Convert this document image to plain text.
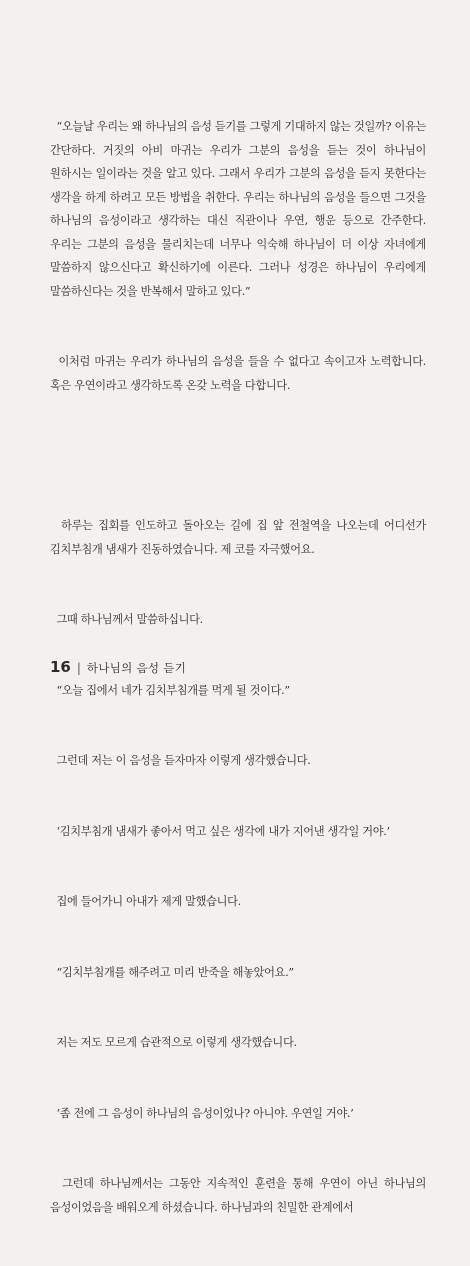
“오늘날 우리는 왜 하나님의 음성 듣기를 그렇게 기대하지 않는 것일까? 이유는 간단하다. 거짓의 아비 마귀는 우리가 그분의 음성을 듣는 것이 하나님이 원하시는 일이라는 것을 알고 있다. 그래서 우리가 그분의 음성을 듣지 못한다는 생각을 하게 하려고 모든 방법을 취한다. 우리는 하나님의 음성을 들으면 그것을 하나님의 음성이라고 생각하는 대신 직관이나 우연, 행운 등으로 간주한다. 우리는 그분의 음성을 물리치는데 너무나 익숙해 하나님이 더 이상 자녀에게 말씀하지 않으신다고 확신하기에 이른다. 그러나 성경은 하나님이 우리에게 말씀하신다는 것을 반복해서 말하고 있다.”

이처럼 마귀는 우리가 하나님의 음성을 들을 수 없다고 속이고자 노력합니다. 혹은 우연이라고 생각하도록 온갖 노력을 다합니다.

하루는 집회를 인도하고 돌아오는 길에 집 앞 전철역을 나오는데 어디선가 김치부침개 냄새가 진동하였습니다. 제 코를 자극했어요.

그때 하나님께서 말씀하십니다.

“오늘 집에서 네가 김치부침개를 먹게 될 것이다.”

그런데 저는 이 음성을 듣자마자 이렇게 생각했습니다.

‘김치부침개 냄새가 좋아서 먹고 싶은 생각에 내가 지어낸 생각일 거야.’

집에 들어가니 아내가 제게 말했습니다.

“김치부침개를 해주려고 미리 반죽을 해놓았어요.”

저는 저도 모르게 습관적으로 이렇게 생각했습니다.

‘좀 전에 그 음성이 하나님의 음성이었나? 아니야. 우연일 거야.’

그런데 하나님께서는 그동안 지속적인 훈련을 통해 우연이 아닌 하나님의 음성이었음을 배워오게 하셨습니다. 하나님과의 친밀한 관계에서

16 | 하나님의 음성 듣기
